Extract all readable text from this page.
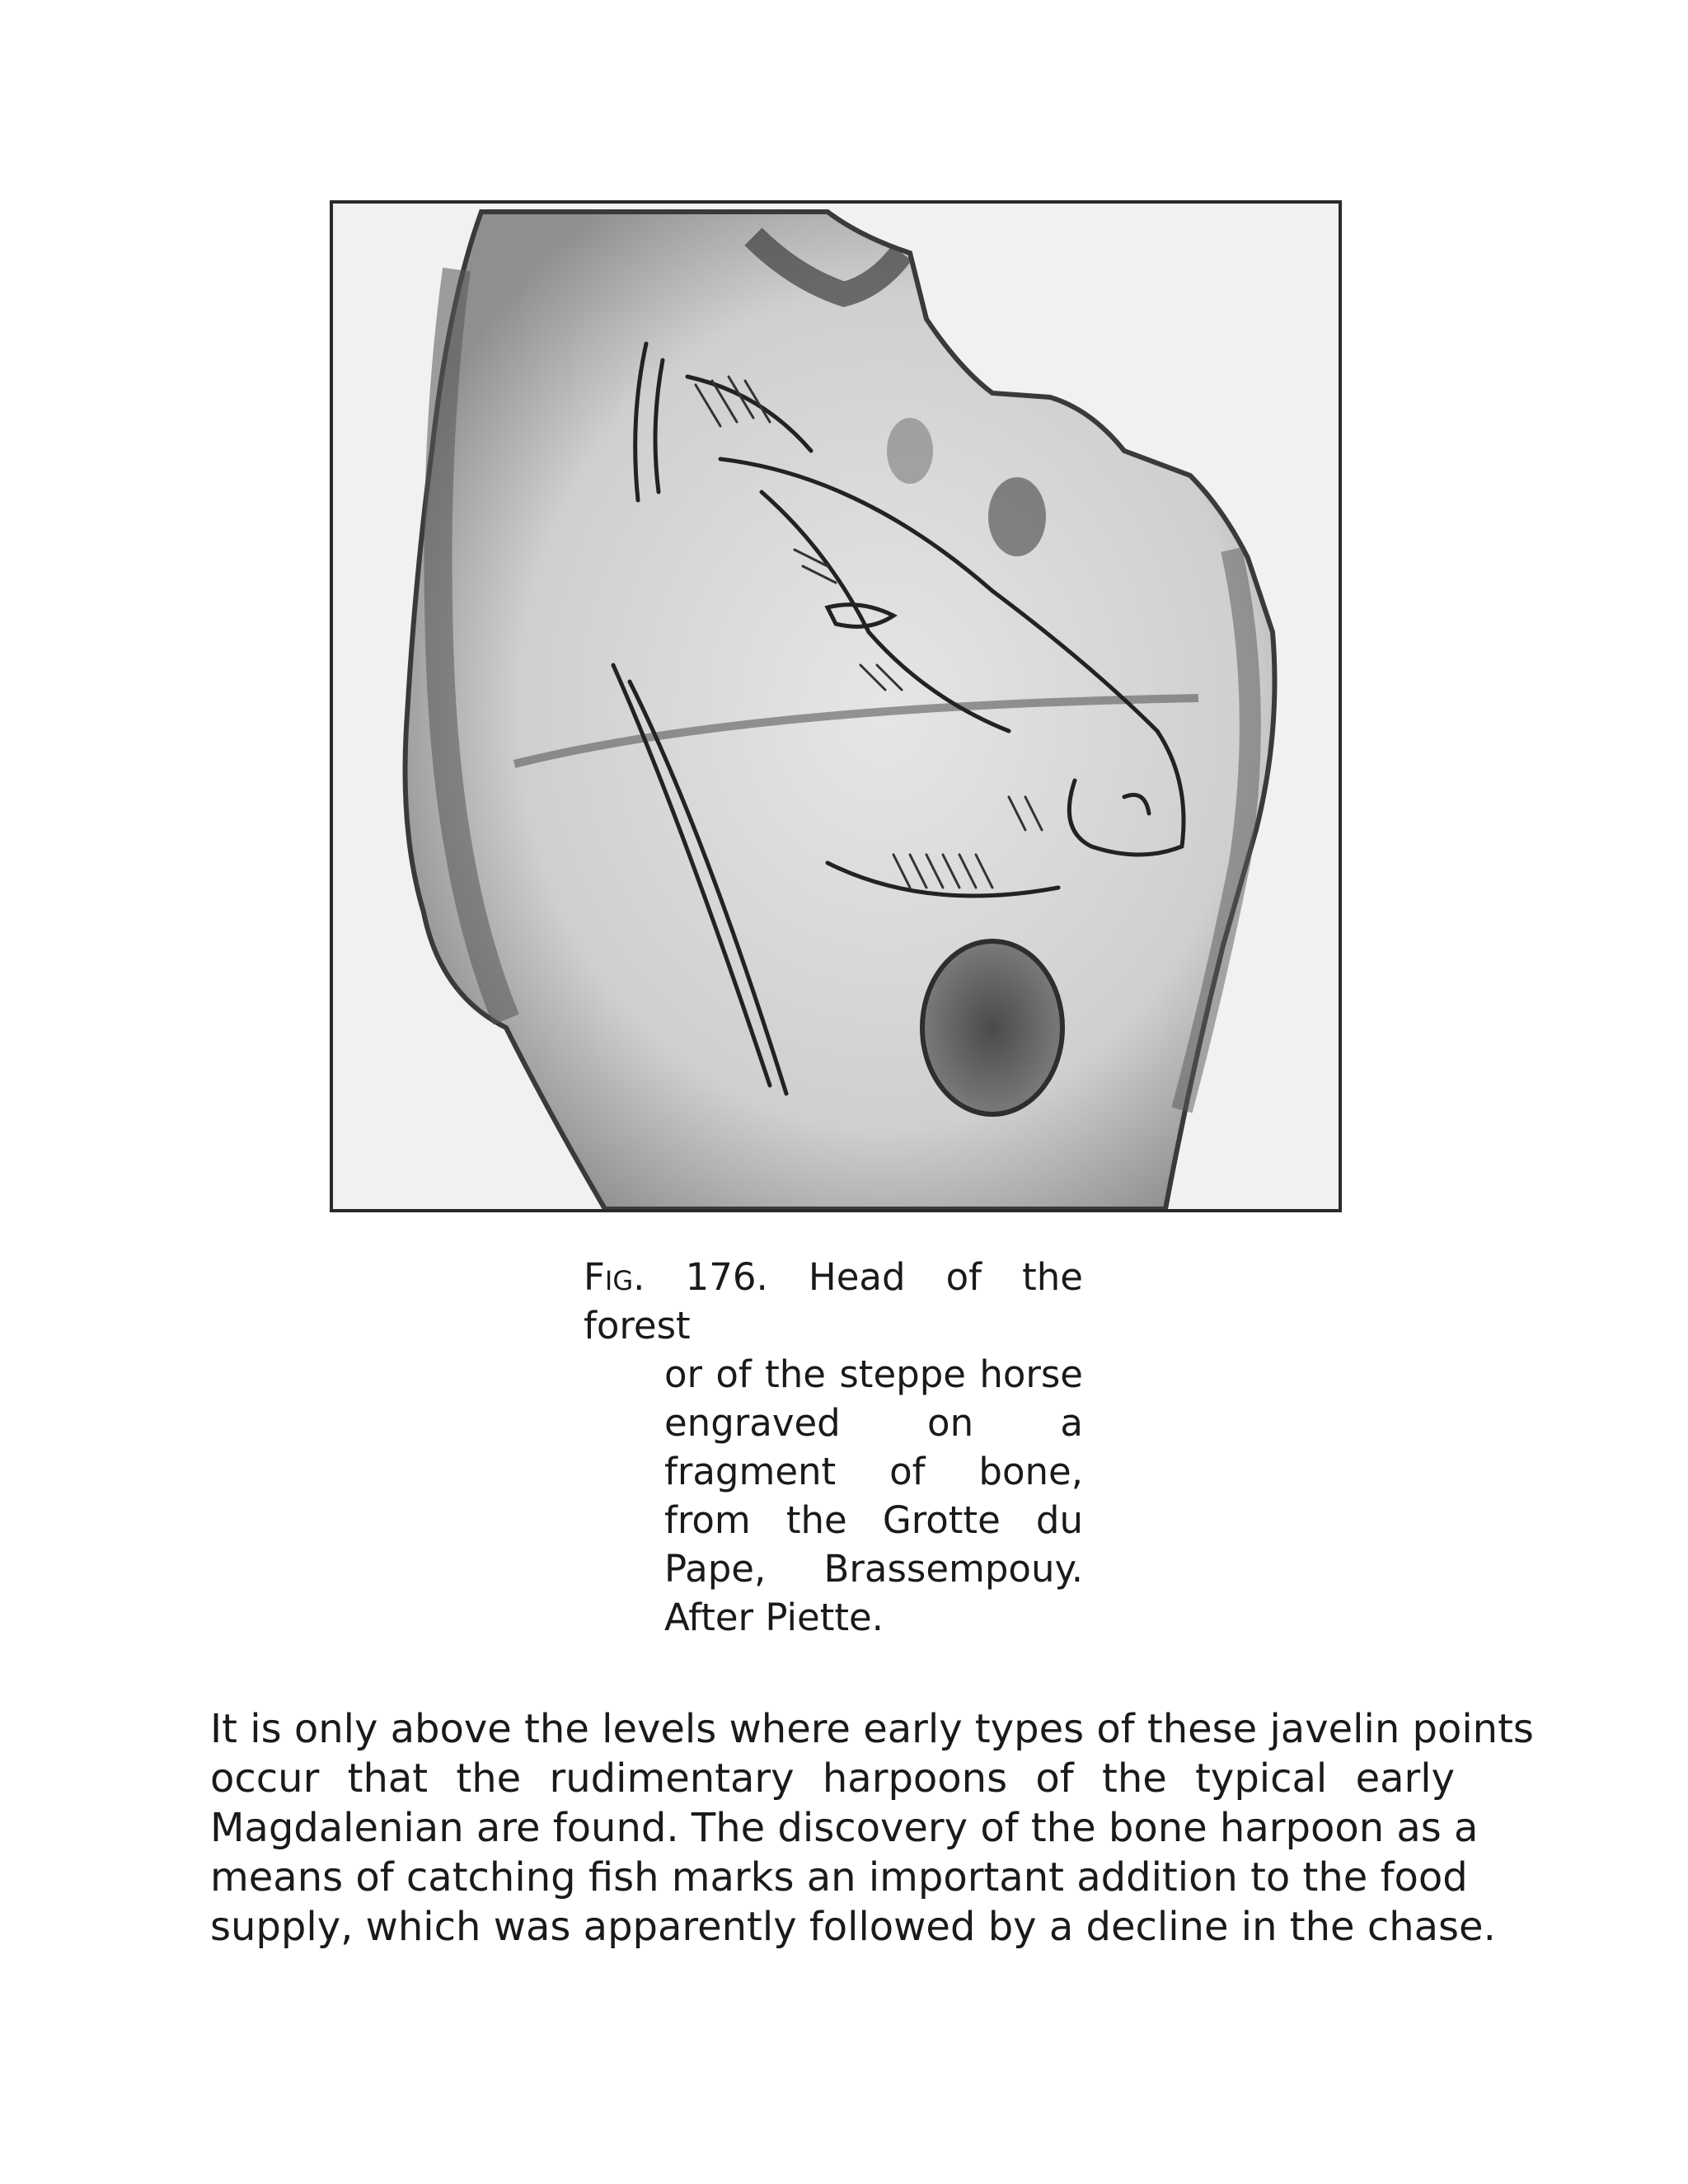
Fig. 176. Head of the forest
or of the steppe horse
engraved on a
fragment of bone,
from the Grotte du
Pape, Brassempouy.
After Piette.
It is only above the levels where early types of these javelin points
occur that the rudimentary harpoons of the typical early
Magdalenian are found. The discovery of the bone harpoon as a
means of catching fish marks an important addition to the food
supply, which was apparently followed by a decline in the chase.
